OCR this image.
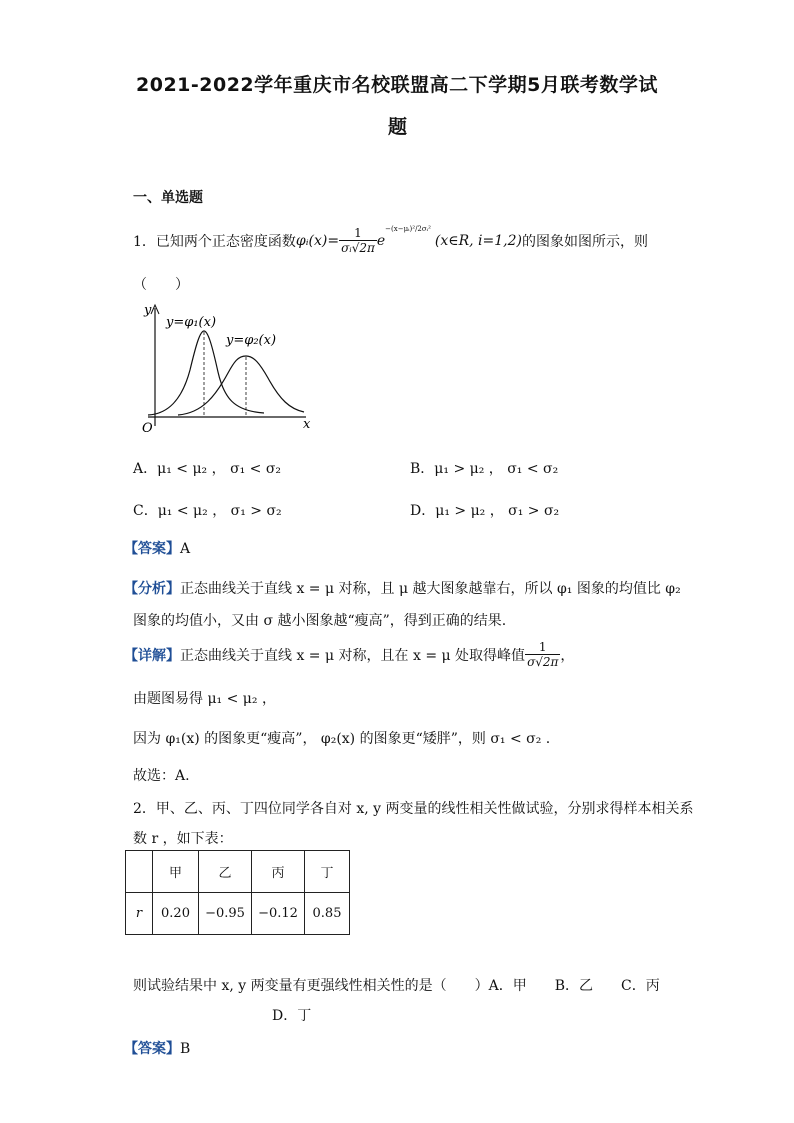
2021-2022学年重庆市名校联盟高二下学期5月联考数学试
题
一、单选题
1．已知两个正态密度函数 φᵢ(x)= $\frac{1}{\text{σᵢ√2π}}$ e
−(x−μᵢ)²/2σᵢ²
(x∈R, i=1,2) 的图象如图所示，则
（　　）
y
x
O
y=φ₁(x)
y=φ₂(x)
A．μ₁ < μ₂ ， σ₁ < σ₂	B．μ₁ > μ₂ ， σ₁ < σ₂
C．μ₁ < μ₂ ， σ₁ > σ₂	D．μ₁ > μ₂ ， σ₁ > σ₂
【答案】A
【分析】正态曲线关于直线 x = μ 对称，且 μ 越大图象越靠右，所以 φ₁ 图象的均值比 φ₂
图象的均值小，又由 σ 越小图象越“瘦高”，得到正确的结果.
【详解】 正态曲线关于直线 x = μ 对称，且在 x = μ 处取得峰值 $\frac{1}{\sigma√2\pi}$ ，
由题图易得 μ₁ < μ₂ ，
因为 φ₁(x) 的图象更“瘦高”， φ₂(x) 的图象更“矮胖”，则 σ₁ < σ₂ .
故选：A.
2．甲、乙、丙、丁四位同学各自对 x, y 两变量的线性相关性做试验，分别求得样本相关系
数 r ，如下表：
	甲	乙	丙	丁
r	0.20	−0.95	−0.12	0.85
则试验结果中 x, y 两变量有更强线性相关性的是（　　）A．甲　　B．乙　　C．丙
D．丁
【答案】B
